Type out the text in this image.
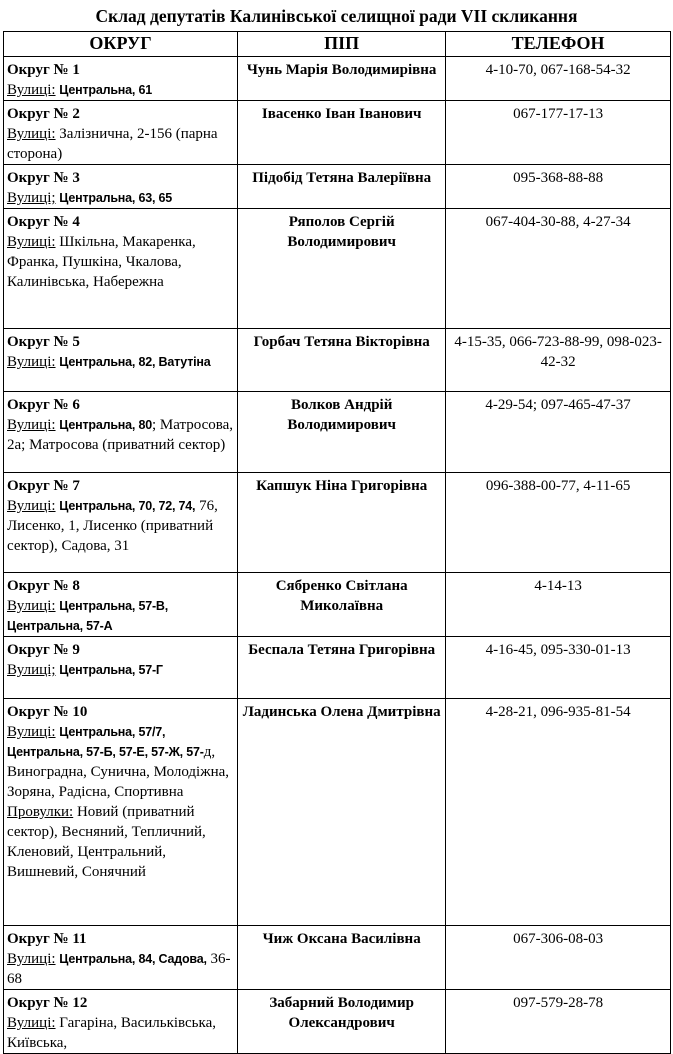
Склад депутатів Калинівської селищної ради VII скликання
ОКРУГ	ПІП	ТЕЛЕФОН

Округ № 1
Вулиці: Центральна, 61	Чунь Марія Володимирівна	4-10-70, 067-168-54-32

Округ № 2
Вулиці: Залізнична, 2-156 (парна сторона)	Івасенко Іван Іванович	067-177-17-13

Округ № 3
Вулиці; Центральна, 63, 65	Підобід Тетяна Валеріївна	095-368-88-88

Округ № 4
Вулиці: Шкільна, Макаренка, Франка, Пушкіна, Чкалова, Калинівська, Набережна	Ряполов Сергій Володимирович	067-404-30-88, 4-27-34

Округ № 5
Вулиці: Центральна, 82, Ватутіна	Горбач Тетяна Вікторівна	4-15-35, 066-723-88-99, 098-023-42-32

Округ № 6
Вулиці: Центральна, 80; Матросова, 2а; Матросова (приватний сектор)	Волков Андрій Володимирович	4-29-54; 097-465-47-37

Округ № 7
Вулиці: Центральна, 70, 72, 74, 76, Лисенко, 1, Лисенко (приватний сектор), Садова, 31	Капшук Ніна Григорівна	096-388-00-77, 4-11-65

Округ № 8
Вулиці: Центральна, 57-В, Центральна, 57-А	Сябренко Світлана Миколаївна	4-14-13

Округ № 9
Вулиці; Центральна, 57-Г	Беспала Тетяна Григорівна	4-16-45, 095-330-01-13

Округ № 10
Вулиці: Центральна, 57/7, Центральна, 57-Б, 57-Е, 57-Ж, 57-д, Виноградна, Сунична, Молодіжна, Зоряна, Радісна, Спортивна
Провулки: Новий (приватний сектор), Весняний, Тепличний, Кленовий, Центральний, Вишневий, Сонячний	Ладинська Олена Дмитрівна	4-28-21, 096-935-81-54

Округ № 11
Вулиці: Центральна, 84, Садова, 36-68	Чиж Оксана Василівна	067-306-08-03

Округ № 12
Вулиці: Гагаріна, Васильківська, Київська,	Забарний Володимир Олександрович	097-579-28-78
